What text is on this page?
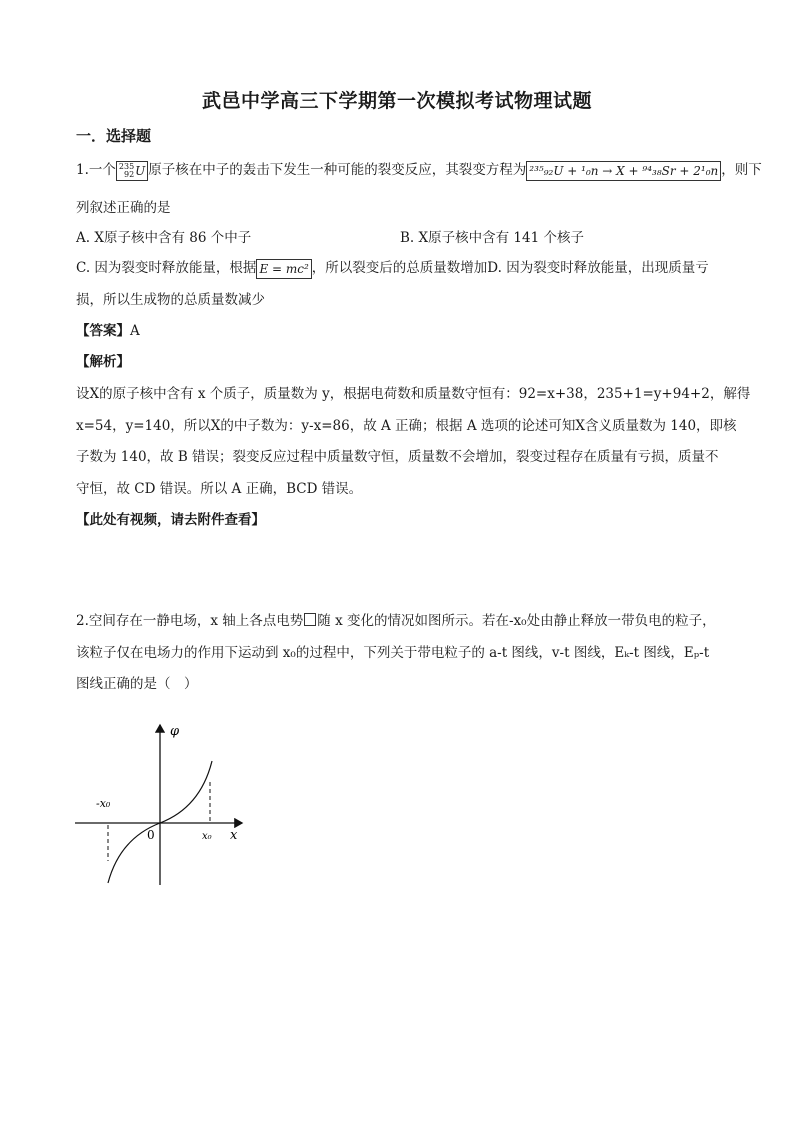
武邑中学高三下学期第一次模拟考试物理试题
一．选择题
1.一个 235
92 U 原子核在中子的轰击下发生一种可能的裂变反应，其裂变方程为 ²³⁵₉₂U + ¹₀n → X + ⁹⁴₃₈Sr + 2¹₀n ，则下
列叙述正确的是
A. X原子核中含有 86 个中子	B. X原子核中含有 141 个核子
C. 因为裂变时释放能量，根据 E = mc² ，所以裂变后的总质量数增加D. 因为裂变时释放能量，出现质量亏
损，所以生成物的总质量数减少
【答案】A
【解析】
设X的原子核中含有 x 个质子，质量数为 y，根据电荷数和质量数守恒有：92=x+38，235+1=y+94+2，解得
x=54，y=140，所以X的中子数为：y-x=86，故 A 正确；根据 A 选项的论述可知X含义质量数为 140，即核
子数为 140，故 B 错误；裂变反应过程中质量数守恒，质量数不会增加，裂变过程存在质量有亏损，质量不
守恒，故 CD 错误。所以 A 正确，BCD 错误。
【此处有视频，请去附件查看】
2.空间存在一静电场，x 轴上各点电势 随 x 变化的情况如图所示。若在-x₀处由静止释放一带负电的粒子，
该粒子仅在电场力的作用下运动到 x₀的过程中，下列关于带电粒子的 a-t 图线，v-t 图线，Eₖ-t 图线，Eₚ-t
图线正确的是（　）
φ
x
0
-x₀
x₀
